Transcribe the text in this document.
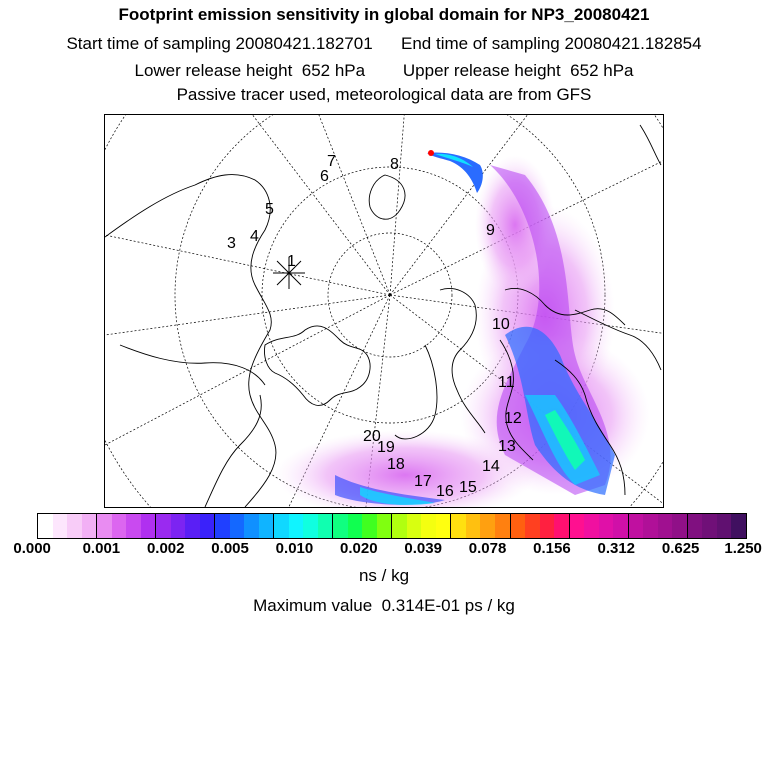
Footprint emission sensitivity in global domain for NP3_20080421
Start time of sampling 20080421.182701 End time of sampling 20080421.182854
Lower release height  652 hPa Upper release height  652 hPa
Passive tracer used, meteorological data are from GFS
1
3 4
5
6
7	8
9
10
11
12
13
14
15
16
17
18
19
20
0.000 0.001 0.002 0.005 0.010 0.020 0.039 0.078 0.156 0.312 0.625 1.250
ns / kg
Maximum value  0.314E-01 ps / kg
